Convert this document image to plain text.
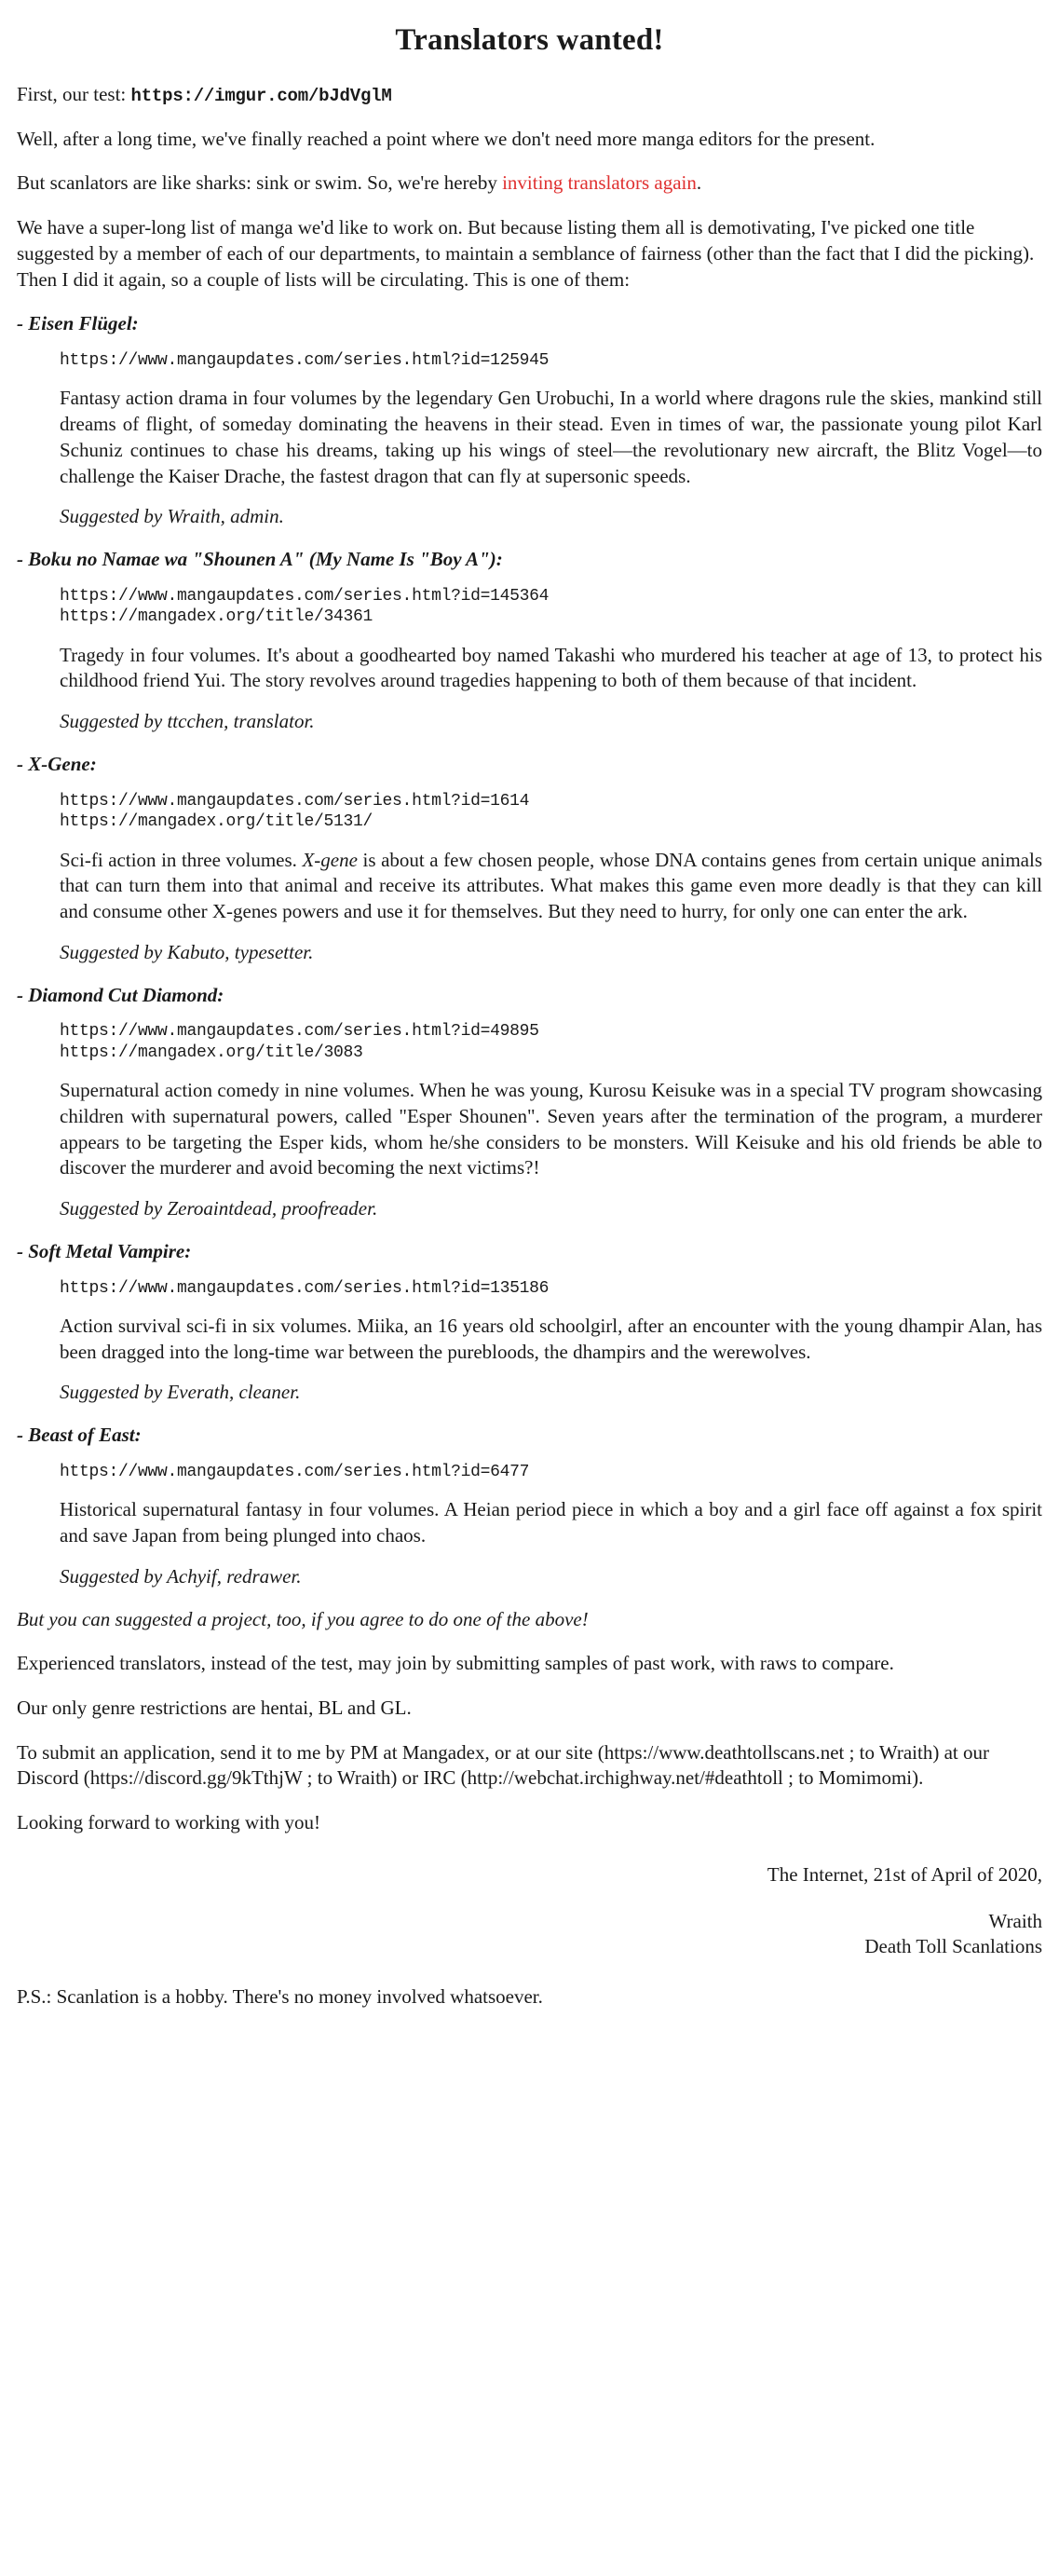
Translators wanted!

First, our test: https://imgur.com/bJdVglM

Well, after a long time, we've finally reached a point where we don't need more manga editors for the present.

But scanlators are like sharks: sink or swim. So, we're hereby inviting translators again.

We have a super-long list of manga we'd like to work on. But because listing them all is demotivating, I've picked one title suggested by a member of each of our departments, to maintain a semblance of fairness (other than the fact that I did the picking). Then I did it again, so a couple of lists will be circulating. This is one of them:

- Eisen Flügel:
https://www.mangaupdates.com/series.html?id=125945

Fantasy action drama in four volumes by the legendary Gen Urobuchi, In a world where dragons rule the skies, mankind still dreams of flight, of someday dominating the heavens in their stead. Even in times of war, the passionate young pilot Karl Schuniz continues to chase his dreams, taking up his wings of steel—the revolutionary new aircraft, the Blitz Vogel—to challenge the Kaiser Drache, the fastest dragon that can fly at supersonic speeds.

Suggested by Wraith, admin.

- Boku no Namae wa "Shounen A" (My Name Is "Boy A"):
https://www.mangaupdates.com/series.html?id=145364
https://mangadex.org/title/34361

Tragedy in four volumes. It's about a goodhearted boy named Takashi who murdered his teacher at age of 13, to protect his childhood friend Yui. The story revolves around tragedies happening to both of them because of that incident.

Suggested by ttcchen, translator.

- X-Gene:
https://www.mangaupdates.com/series.html?id=1614
https://mangadex.org/title/5131/

Sci-fi action in three volumes. X-gene is about a few chosen people, whose DNA contains genes from certain unique animals that can turn them into that animal and receive its attributes. What makes this game even more deadly is that they can kill and consume other X-genes powers and use it for themselves. But they need to hurry, for only one can enter the ark.

Suggested by Kabuto, typesetter.

- Diamond Cut Diamond:
https://www.mangaupdates.com/series.html?id=49895
https://mangadex.org/title/3083

Supernatural action comedy in nine volumes. When he was young, Kurosu Keisuke was in a special TV program showcasing children with supernatural powers, called "Esper Shounen". Seven years after the termination of the program, a murderer appears to be targeting the Esper kids, whom he/she considers to be monsters. Will Keisuke and his old friends be able to discover the murderer and avoid becoming the next victims?!

Suggested by Zeroaintdead, proofreader.

- Soft Metal Vampire:
https://www.mangaupdates.com/series.html?id=135186

Action survival sci-fi in six volumes. Miika, an 16 years old schoolgirl, after an encounter with the young dhampir Alan, has been dragged into the long-time war between the purebloods, the dhampirs and the werewolves.

Suggested by Everath, cleaner.

- Beast of East:
https://www.mangaupdates.com/series.html?id=6477

Historical supernatural fantasy in four volumes. A Heian period piece in which a boy and a girl face off against a fox spirit and save Japan from being plunged into chaos.

Suggested by Achyif, redrawer.

But you can suggested a project, too, if you agree to do one of the above!

Experienced translators, instead of the test, may join by submitting samples of past work, with raws to compare.

Our only genre restrictions are hentai, BL and GL.

To submit an application, send it to me by PM at Mangadex, or at our site (https://www.deathtollscans.net ; to Wraith) at our Discord (https://discord.gg/9kTthjW ; to Wraith) or IRC (http://webchat.irchighway.net/#deathtoll ; to Momimomi).

Looking forward to working with you!

The Internet, 21st of April of 2020,

Wraith

Death Toll Scanlations

P.S.: Scanlation is a hobby. There's no money involved whatsoever.
